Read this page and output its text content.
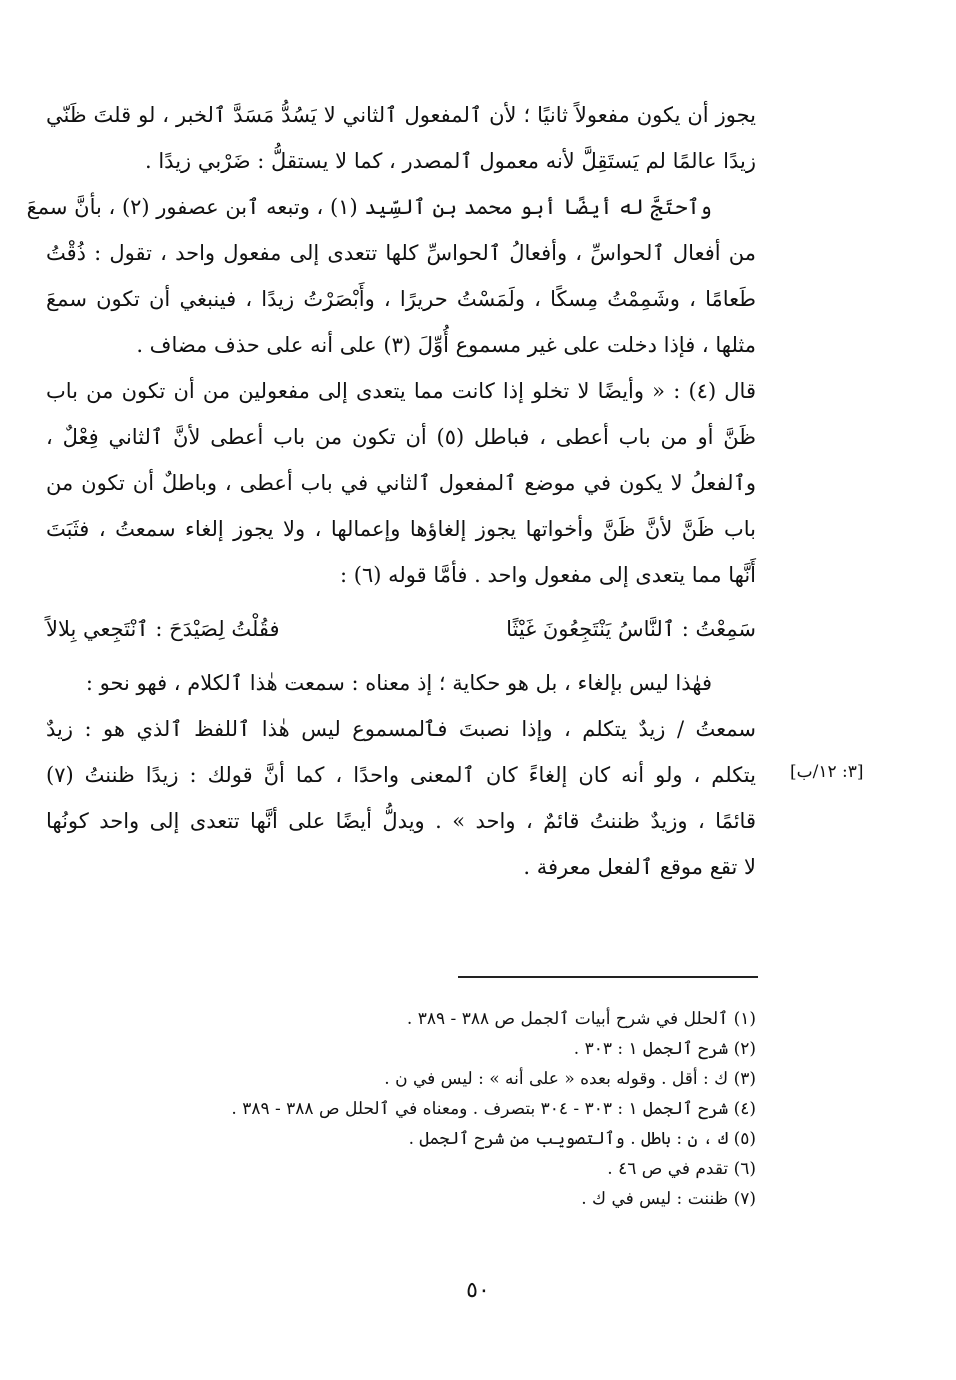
يجوز أن يكون مفعولاً ثانيًا ؛ لأن ٱلمفعول ٱلثاني لا يَسُدُّ مَسَدَّ ٱلخبر ، لو قلتَ ظَنّي
زيدًا عالمًا لم يَستَقِلَّ لأنه معمول ٱلمصدر ، كما لا يستقلُّ : ضَرْبي زيدًا .
وٱحتَجَّ له أيضًا أبو محمد بن ٱلسِّيد (١) ، وتبعه ٱبن عصفور (٢) ، بأنَّ سمعَ
من أفعال ٱلحواسِّ ، وأفعالُ ٱلحواسِّ كلها تتعدى إلى مفعول واحد ، تقول : ذُقْتُ
طَعامًا ، وشَمِمْتُ مِسكًا ، ولَمَسْتُ حريرًا ، وأَبْصَرْتُ زيدًا ، فينبغي أن تكون سمعَ
مثلها ، فإذا دخلت على غير مسموع أُوِّلَ (٣) على أنه على حذف مضاف .
قال (٤) : « وأيضًا لا تخلو إذا كانت مما يتعدى إلى مفعولين من أن تكون من باب
ظَنَّ أو من باب أعطى ، فباطل (٥) أن تكون من باب أعطى لأنَّ ٱلثاني فِعْلٌ ،
وٱلفعلُ لا يكون في موضع ٱلمفعول ٱلثاني في باب أعطى ، وباطلٌ أن تكون من
باب ظَنَّ لأنَّ ظَنَّ وأخواتها يجوز إلغاؤها وإعمالها ، ولا يجوز إلغاء سمعتُ ، فثَبَتَ
أَنَّها مما يتعدى إلى مفعول واحد . فأمَّا قوله (٦) :
سَمِعْتُ : ٱلنَّاسُ يَنْتَجِعُونَ غَيْثًا
فقُلْتُ لِصَيْدَحَ : ٱنْتَجِعي بِلالاً
فهٰذا ليس بإلغاء ، بل هو حكاية ؛ إذ معناه : سمعت هٰذا ٱلكلام ، فهو نحو :
سمعتُ / زيدٌ يتكلم ، وإذا نصبتَ فٱلمسموع ليس هٰذا ٱللفظ ٱلذي هو : زيدٌ
يتكلم ، ولو أنه كان إلغاءً كان ٱلمعنى واحدًا ، كما أنَّ قولك : زيدًا ظننتُ (٧)
قائمًا ، وزيدٌ ظننتُ قائمٌ ، واحد » . ويدلُّ أيضًا على أنَّها تتعدى إلى واحد كونُها
لا تقع موقع ٱلفعل معرفة .
[٣: ١٢/ب]
(١) ٱلحلل في شرح أبيات ٱلجمل ص ٣٨٨ - ٣٨٩ .
(٢) شرح ٱلجمل ١ : ٣٠٣ .
(٣) ك : أقل . وقوله بعده « على أنه » : ليس في ن .
(٤) شرح ٱلجمل ١ : ٣٠٣ - ٣٠٤ بتصرف . ومعناه في ٱلحلل ص ٣٨٨ - ٣٨٩ .
(٥) ك ، ن : باطل . وٱلتصويب من شرح ٱلجمل .
(٦) تقدم في ص ٤٦ .
(٧) ظننت : ليس في ك .
٥٠
